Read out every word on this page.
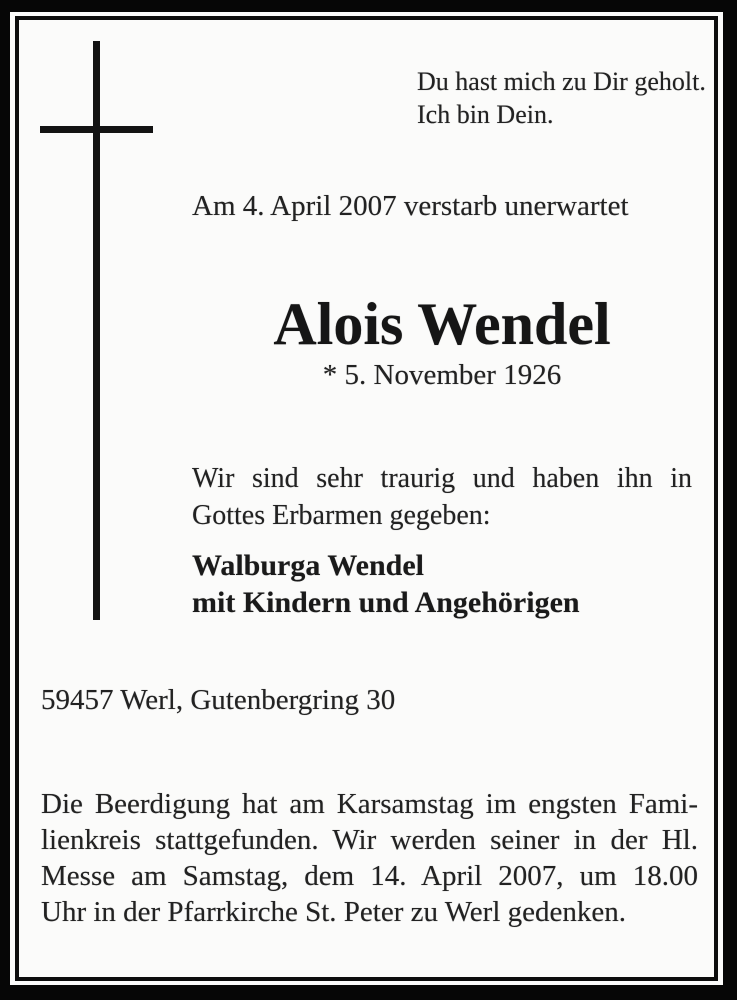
Du hast mich zu Dir geholt.
Ich bin Dein.
Am 4. April 2007 verstarb unerwartet
Alois Wendel
* 5. November 1926
Wir sind sehr traurig und haben ihn in
Gottes Erbarmen gegeben:
Walburga Wendel
mit Kindern und Angehörigen
59457 Werl, Gutenbergring 30
Die Beerdigung hat am Karsamstag im engsten Fami-
lienkreis stattgefunden. Wir werden seiner in der Hl.
Messe am Samstag, dem 14. April 2007, um 18.00
Uhr in der Pfarrkirche St. Peter zu Werl gedenken.
